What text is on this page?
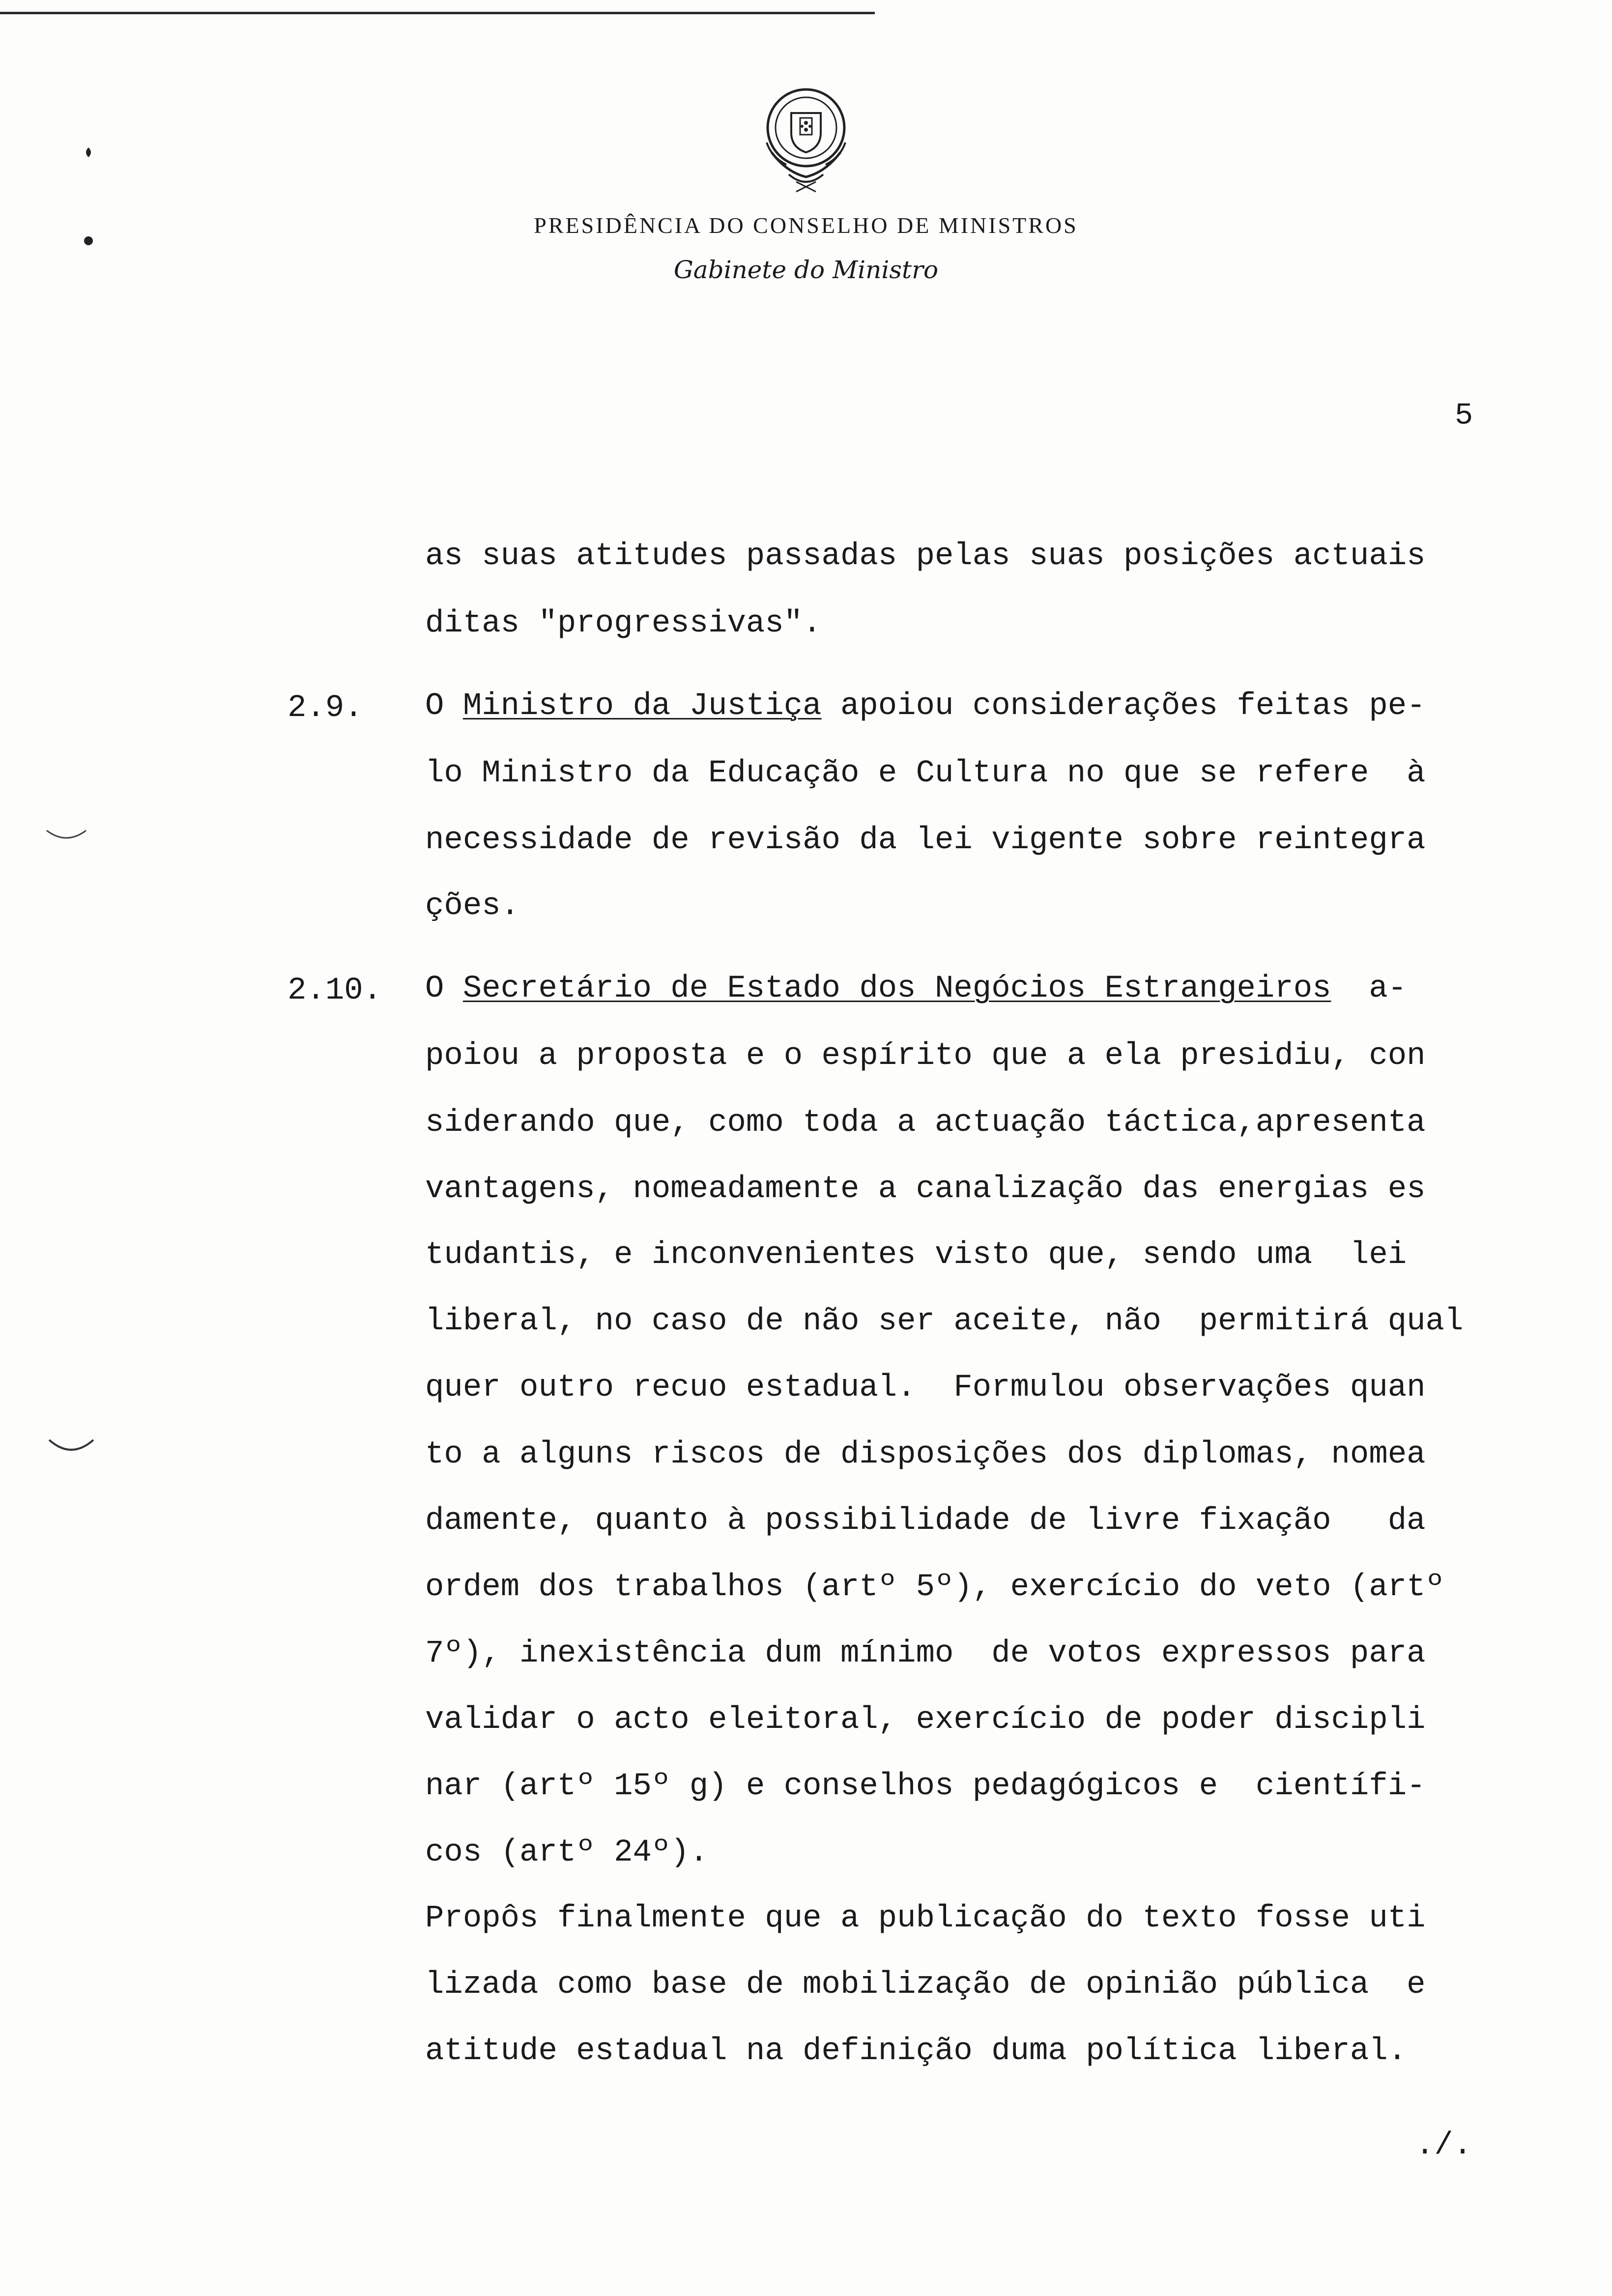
PRESIDÊNCIA DO CONSELHO DE MINISTROS
Gabinete do Ministro
5
as suas atitudes passadas pelas suas posições actuais
ditas "progressivas".
2.9. O Ministro da Justiça apoiou considerações feitas pe-
lo Ministro da Educação e Cultura no que se refere  à
necessidade de revisão da lei vigente sobre reintegra
ções.
2.10. O Secretário de Estado dos Negócios Estrangeiros  a-
poiou a proposta e o espírito que a ela presidiu, con
siderando que, como toda a actuação táctica,apresenta
vantagens, nomeadamente a canalização das energias es
tudantis, e inconvenientes visto que, sendo uma  lei
liberal, no caso de não ser aceite, não  permitirá qual
quer outro recuo estadual.  Formulou observações quan
to a alguns riscos de disposições dos diplomas, nomea
damente, quanto à possibilidade de livre fixação   da
ordem dos trabalhos (artº 5º), exercício do veto (artº
7º), inexistência dum mínimo  de votos expressos para
validar o acto eleitoral, exercício de poder discipli
nar (artº 15º g) e conselhos pedagógicos e  científi-
cos (artº 24º).
Propôs finalmente que a publicação do texto fosse uti
lizada como base de mobilização de opinião pública  e
atitude estadual na definição duma política liberal.
./.
